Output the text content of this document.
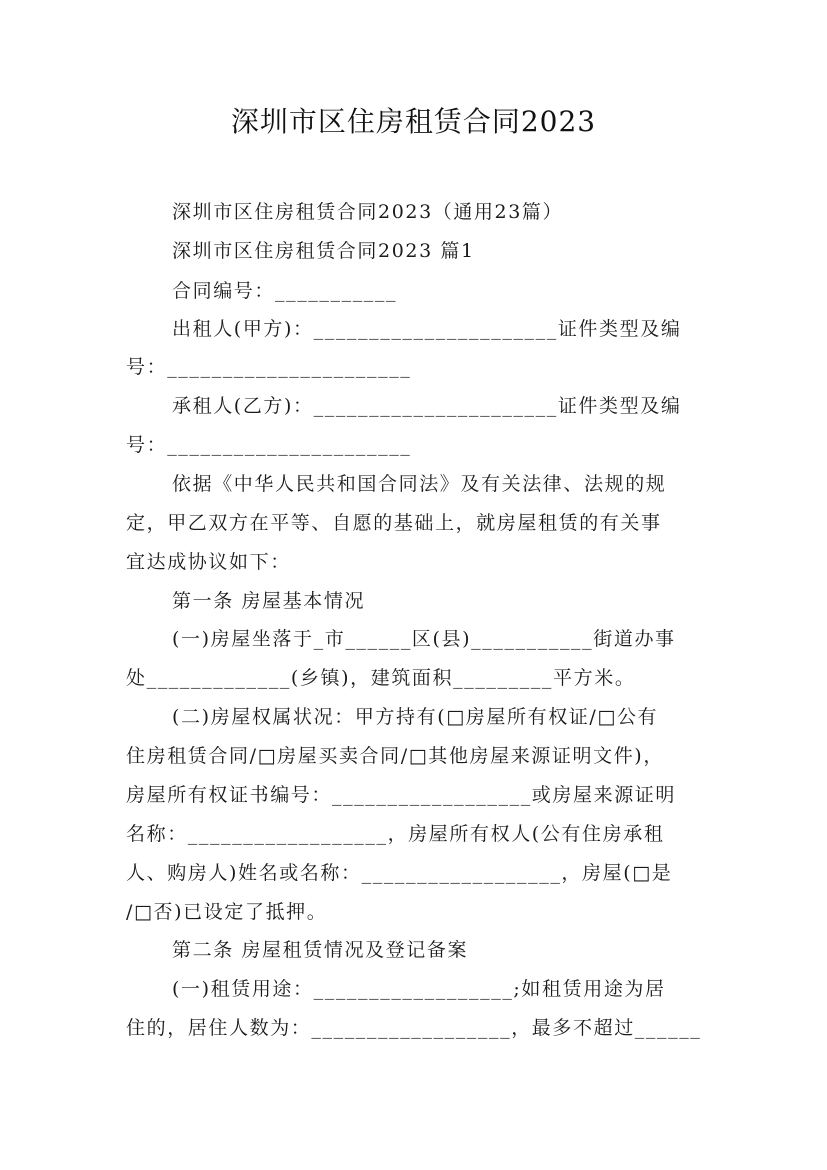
深圳市区住房租赁合同2023
深圳市区住房租赁合同2023（通用23篇）
深圳市区住房租赁合同2023 篇1
合同编号：___________
出租人(甲方)：______________________证件类型及编
号：______________________
承租人(乙方)：______________________证件类型及编
号：______________________
依据《中华人民共和国合同法》及有关法律、法规的规
定，甲乙双方在平等、自愿的基础上，就房屋租赁的有关事
宜达成协议如下：
第一条 房屋基本情况
(一)房屋坐落于_市______区(县)___________街道办事
处_____________(乡镇)，建筑面积_________平方米。
(二)房屋权属状况：甲方持有(□房屋所有权证/□公有
住房租赁合同/□房屋买卖合同/□其他房屋来源证明文件)，
房屋所有权证书编号：__________________或房屋来源证明
名称：__________________，房屋所有权人(公有住房承租
人、购房人)姓名或名称：__________________，房屋(□是
/□否)已设定了抵押。
第二条 房屋租赁情况及登记备案
(一)租赁用途：__________________;如租赁用途为居
住的，居住人数为：__________________，最多不超过______
